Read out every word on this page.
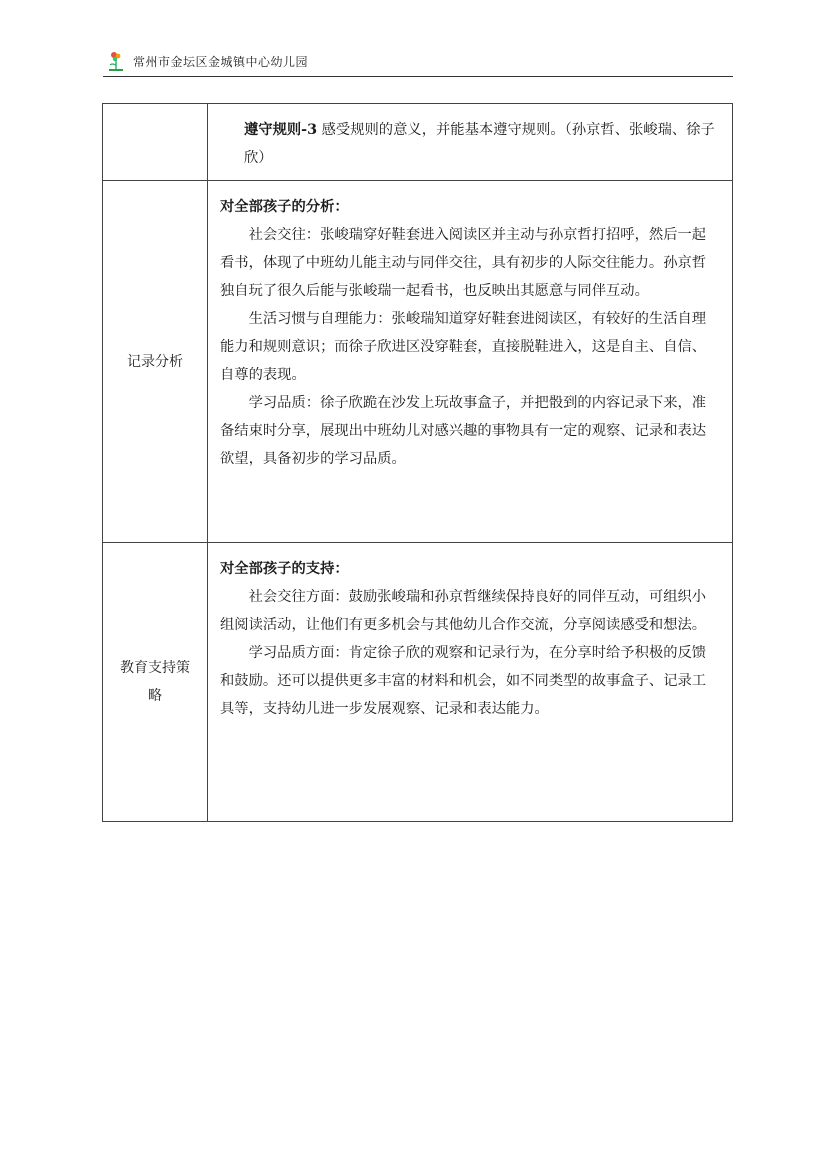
常州市金坛区金城镇中心幼儿园
	遵守规则-3 感受规则的意义，并能基本遵守规则。（孙京哲、张峻瑞、徐子欣）
记录分析	对全部孩子的分析：

社会交往：张峻瑞穿好鞋套进入阅读区并主动与孙京哲打招呼，然后一起看书，体现了中班幼儿能主动与同伴交往，具有初步的人际交往能力。孙京哲独自玩了很久后能与张峻瑞一起看书，也反映出其愿意与同伴互动。

生活习惯与自理能力：张峻瑞知道穿好鞋套进阅读区，有较好的生活自理能力和规则意识；而徐子欣进区没穿鞋套，直接脱鞋进入，这是自主、自信、自尊的表现。

学习品质：徐子欣跪在沙发上玩故事盒子，并把骰到的内容记录下来，准备结束时分享，展现出中班幼儿对感兴趣的事物具有一定的观察、记录和表达欲望，具备初步的学习品质。

教育支持策略	对全部孩子的支持：

社会交往方面：鼓励张峻瑞和孙京哲继续保持良好的同伴互动，可组织小组阅读活动，让他们有更多机会与其他幼儿合作交流，分享阅读感受和想法。

学习品质方面：肯定徐子欣的观察和记录行为，在分享时给予积极的反馈和鼓励。还可以提供更多丰富的材料和机会，如不同类型的故事盒子、记录工具等，支持幼儿进一步发展观察、记录和表达能力。
